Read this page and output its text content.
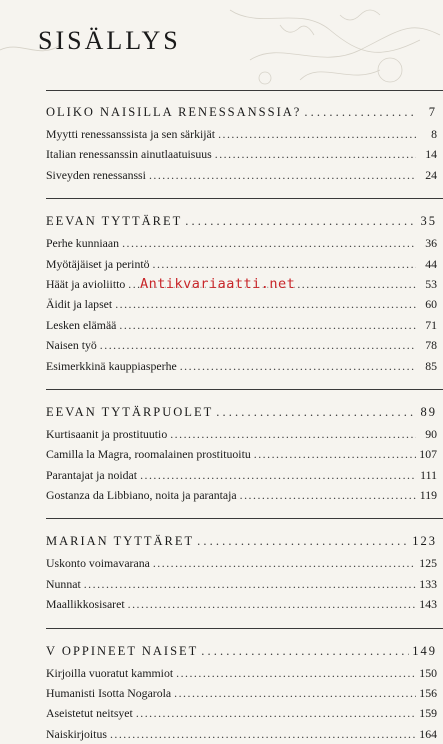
SISÄLLYS
OLIKO NAISILLA RENESSANSSIA? . . .	7
Myytti renessanssista ja sen särkijät .....	8
Italian renessanssin ainutlaatuisuus .....	14
Siveyden renessanssi .....	24
EEVAN TYTTÄRET . . .	35
Perhe kunniaan .....	36
Myötäjäiset ja perintö .....	44
Häät ja avioliitto .....	53
Äidit ja lapset .....	60
Lesken elämää .....	71
Naisen työ .....	78
Esimerkkinä kauppiasperhe .....	85
EEVAN TYTÄRPUOLET . . .	89
Kurtisaanit ja prostituutio .....	90
Camilla la Magra, roomalainen prostituoitu .....	107
Parantajat ja noidat .....	111
Gostanza da Libbiano, noita ja parantaja .....	119
MARIAN TYTTÄRET . . .	123
Uskonto voimavarana .....	125
Nunnat .....	133
Maallikkosisaret .....	143
V OPPINEET NAISET . . .	149
Kirjoilla vuoratut kammiot .....	150
Humanisti Isotta Nogarola .....	156
Aseistetut neitsyet .....	159
Naiskirjoitus .....	164
Antikvariaatti.net
